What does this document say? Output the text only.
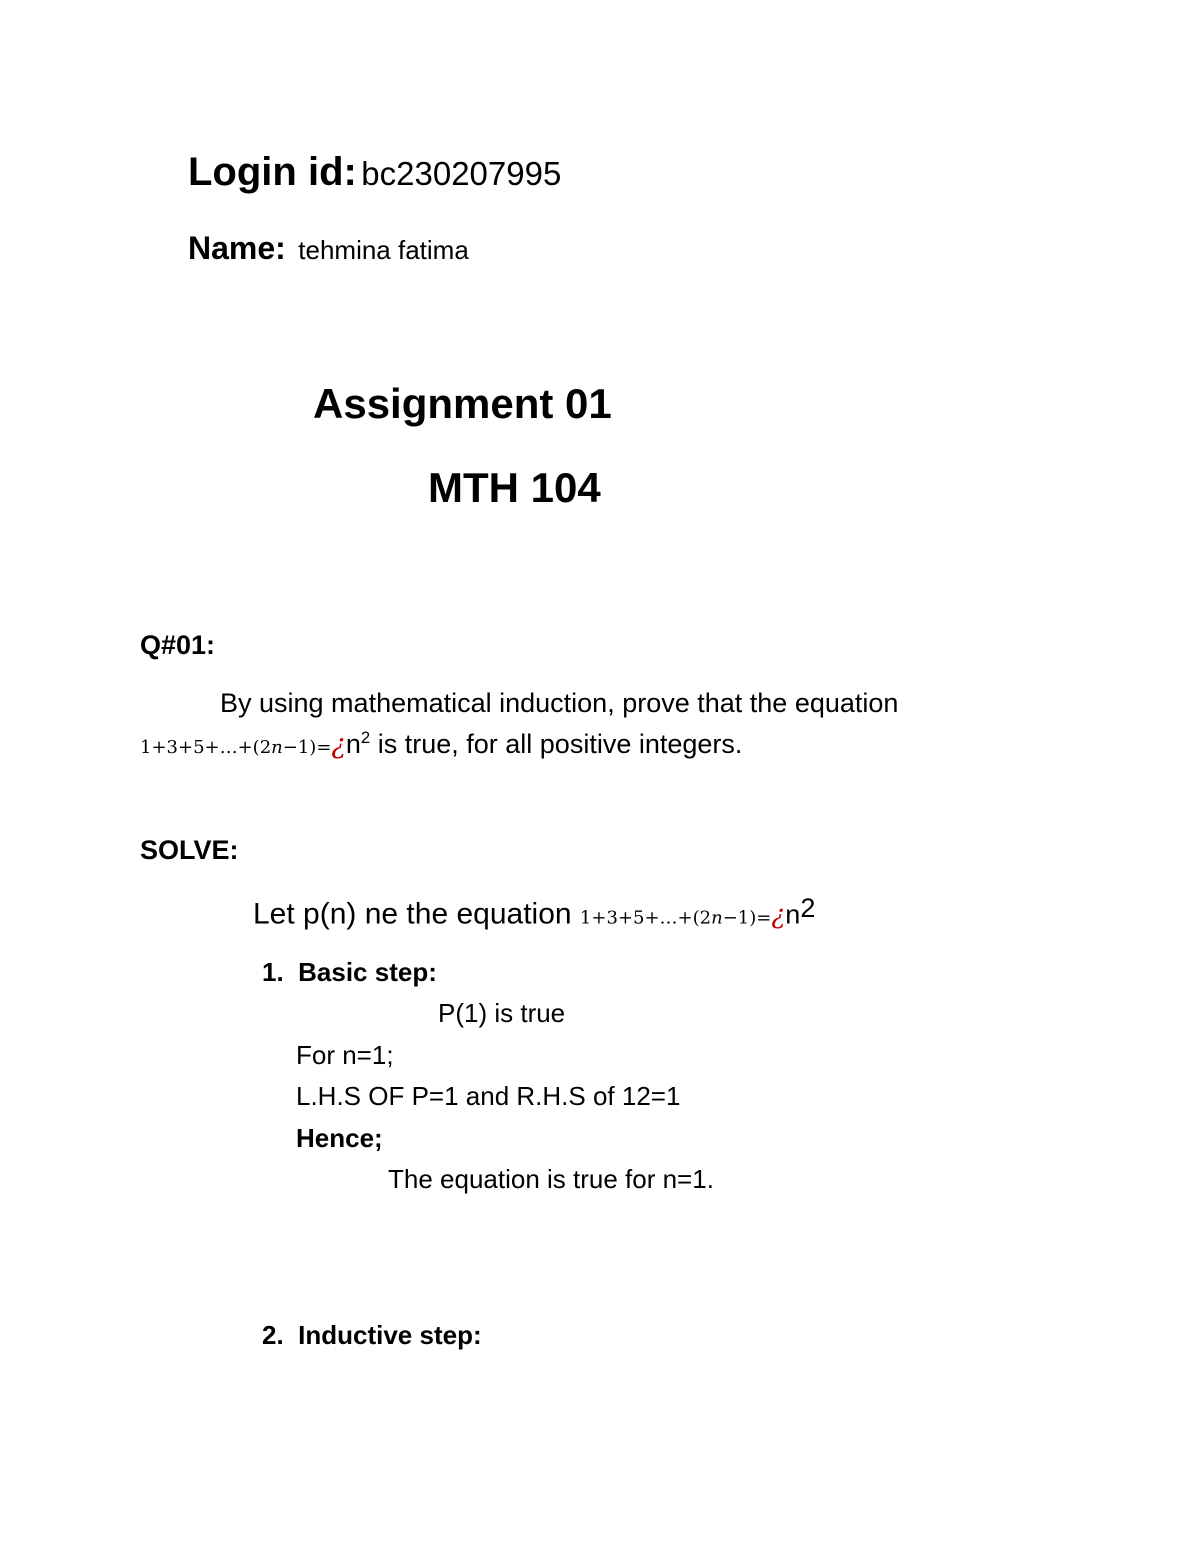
Login id: bc230207995
Name: tehmina fatima
Assignment 01
MTH 104
Q#01:
By using mathematical induction, prove that the equation
$1+3+5+\dots+(2n-1)=¿n^2$ is true, for all positive integers.
SOLVE:
Let p(n) ne the equation $1+3+5+\dots+(2n-1)=¿n^2$
1. Basic step:
P(1) is true
For n=1;
L.H.S OF P=1 and R.H.S of 12=1
Hence;
The equation is true for n=1.
2. Inductive step:
